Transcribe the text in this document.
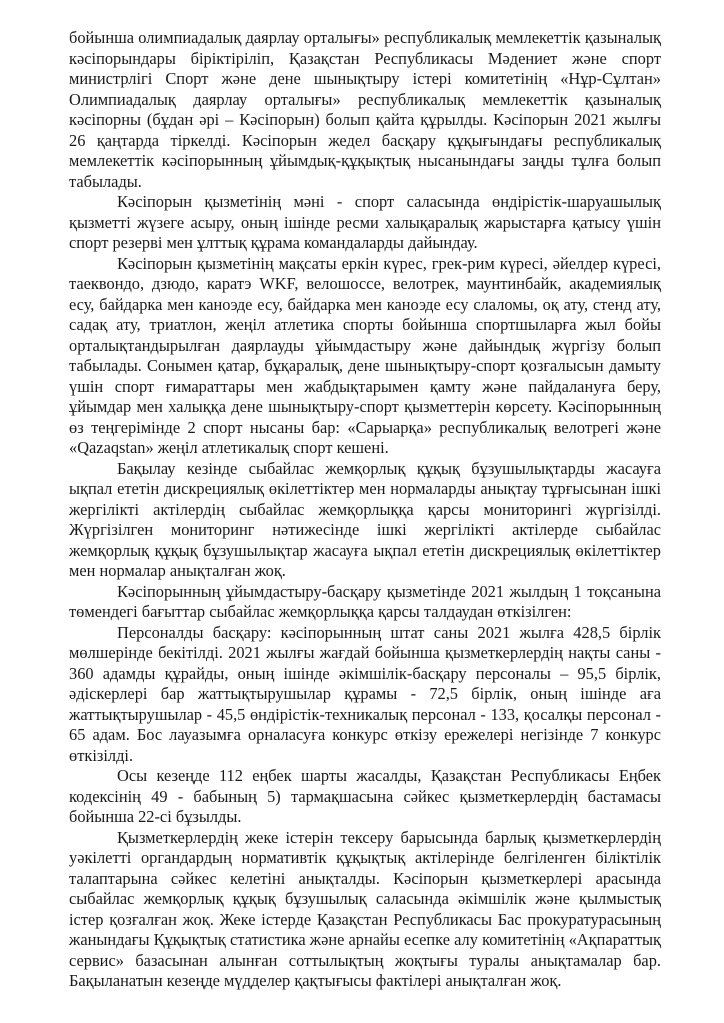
бойынша олимпиадалық даярлау орталығы» республикалық мемлекеттік қазыналық кәсіпорындары біріктіріліп, Қазақстан Республикасы Мәдениет және спорт министрлігі Спорт және дене шынықтыру істері комитетінің «Нұр-Сұлтан» Олимпиадалық даярлау орталығы» республикалық мемлекеттік қазыналық кәсіпорны (бұдан әрі – Кәсіпорын) болып қайта құрылды. Кәсіпорын 2021 жылғы 26 қаңтарда тіркелді. Кәсіпорын жедел басқару құқығындағы республикалық мемлекеттік кәсіпорынның ұйымдық-құқықтық нысанындағы заңды тұлға болып табылады.

Кәсіпорын қызметінің мәні - спорт саласында өндірістік-шаруашылық қызметті жүзеге асыру, оның ішінде ресми халықаралық жарыстарға қатысу үшін спорт резерві мен ұлттық құрама командаларды дайындау.

Кәсіпорын қызметінің мақсаты еркін күрес, грек-рим күресі, әйелдер күресі, таеквондо, дзюдо, каратэ WKF, велошоссе, велотрек, маунтинбайк, академиялық есу, байдарка мен каноэде есу, байдарка мен каноэде есу слаломы, оқ ату, стенд ату, садақ ату, триатлон, жеңіл атлетика спорты бойынша спортшыларға жыл бойы орталықтандырылған даярлауды ұйымдастыру және дайындық жүргізу болып табылады. Сонымен қатар, бұқаралық, дене шынықтыру-спорт қозғалысын дамыту үшін спорт ғимараттары мен жабдықтарымен қамту және пайдалануға беру, ұйымдар мен халыққа дене шынықтыру-спорт қызметтерін көрсету. Кәсіпорынның өз теңгерімінде 2 спорт нысаны бар: «Сарыарқа» республикалық велотрегі және «Qazaqstan» жеңіл атлетикалық спорт кешені.

Бақылау кезінде сыбайлас жемқорлық құқық бұзушылықтарды жасауға ықпал ететін дискрециялық өкілеттіктер мен нормаларды анықтау тұрғысынан ішкі жергілікті актілердің сыбайлас жемқорлыққа қарсы мониторингі жүргізілді. Жүргізілген мониторинг нәтижесінде ішкі жергілікті актілерде сыбайлас жемқорлық құқық бұзушылықтар жасауға ықпал ететін дискрециялық өкілеттіктер мен нормалар анықталған жоқ.

Кәсіпорынның ұйымдастыру-басқару қызметінде 2021 жылдың 1 тоқсанына төмендегі бағыттар сыбайлас жемқорлыққа қарсы талдаудан өткізілген:

Персоналды басқару: кәсіпорынның штат саны 2021 жылға 428,5 бірлік мөлшерінде бекітілді. 2021 жылғы жағдай бойынша қызметкерлердің нақты саны - 360 адамды құрайды, оның ішінде әкімшілік-басқару персоналы – 95,5 бірлік, әдіскерлері бар жаттықтырушылар құрамы - 72,5 бірлік, оның ішінде аға жаттықтырушылар - 45,5 өндірістік-техникалық персонал - 133, қосалқы персонал - 65 адам. Бос лауазымға орналасуға конкурс өткізу ережелері негізінде 7 конкурс өткізілді.

Осы кезеңде 112 еңбек шарты жасалды, Қазақстан Республикасы Еңбек кодексінің 49 - бабының 5) тармақшасына сәйкес қызметкерлердің бастамасы бойынша 22-сі бұзылды.

Қызметкерлердің жеке істерін тексеру барысында барлық қызметкерлердің уәкілетті органдардың нормативтік құқықтық актілерінде белгіленген біліктілік талаптарына сәйкес келетіні анықталды. Кәсіпорын қызметкерлері арасында сыбайлас жемқорлық құқық бұзушылық саласында әкімшілік және қылмыстық істер қозғалған жоқ. Жеке істерде Қазақстан Республикасы Бас прокуратурасының жанындағы Құқықтық статистика және арнайы есепке алу комитетінің «Ақпараттық сервис» базасынан алынған соттылықтың жоқтығы туралы анықтамалар бар. Бақыланатын кезеңде мүдделер қақтығысы фактілері анықталған жоқ.
